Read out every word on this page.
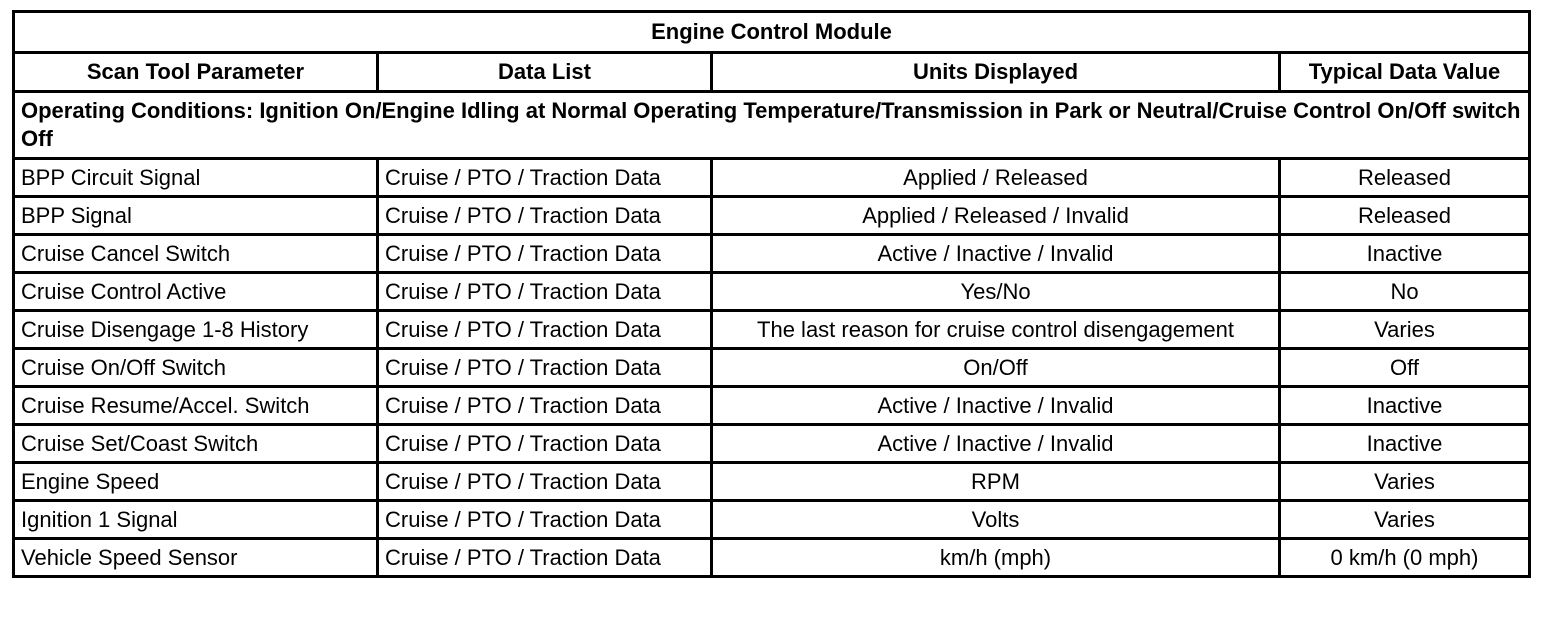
Engine Control Module			
Scan Tool Parameter	Data List	Units Displayed	Typical Data Value
Operating Conditions: Ignition On/Engine Idling at Normal Operating Temperature/Transmission in Park or Neutral/Cruise Control On/Off switch Off			
BPP Circuit Signal	Cruise / PTO / Traction Data	Applied / Released	Released
BPP Signal	Cruise / PTO / Traction Data	Applied / Released / Invalid	Released
Cruise Cancel Switch	Cruise / PTO / Traction Data	Active / Inactive / Invalid	Inactive
Cruise Control Active	Cruise / PTO / Traction Data	Yes/No	No
Cruise Disengage 1-8 History	Cruise / PTO / Traction Data	The last reason for cruise control disengagement	Varies
Cruise On/Off Switch	Cruise / PTO / Traction Data	On/Off	Off
Cruise Resume/Accel. Switch	Cruise / PTO / Traction Data	Active / Inactive / Invalid	Inactive
Cruise Set/Coast Switch	Cruise / PTO / Traction Data	Active / Inactive / Invalid	Inactive
Engine Speed	Cruise / PTO / Traction Data	RPM	Varies
Ignition 1 Signal	Cruise / PTO / Traction Data	Volts	Varies
Vehicle Speed Sensor	Cruise / PTO / Traction Data	km/h (mph)	0 km/h (0 mph)
